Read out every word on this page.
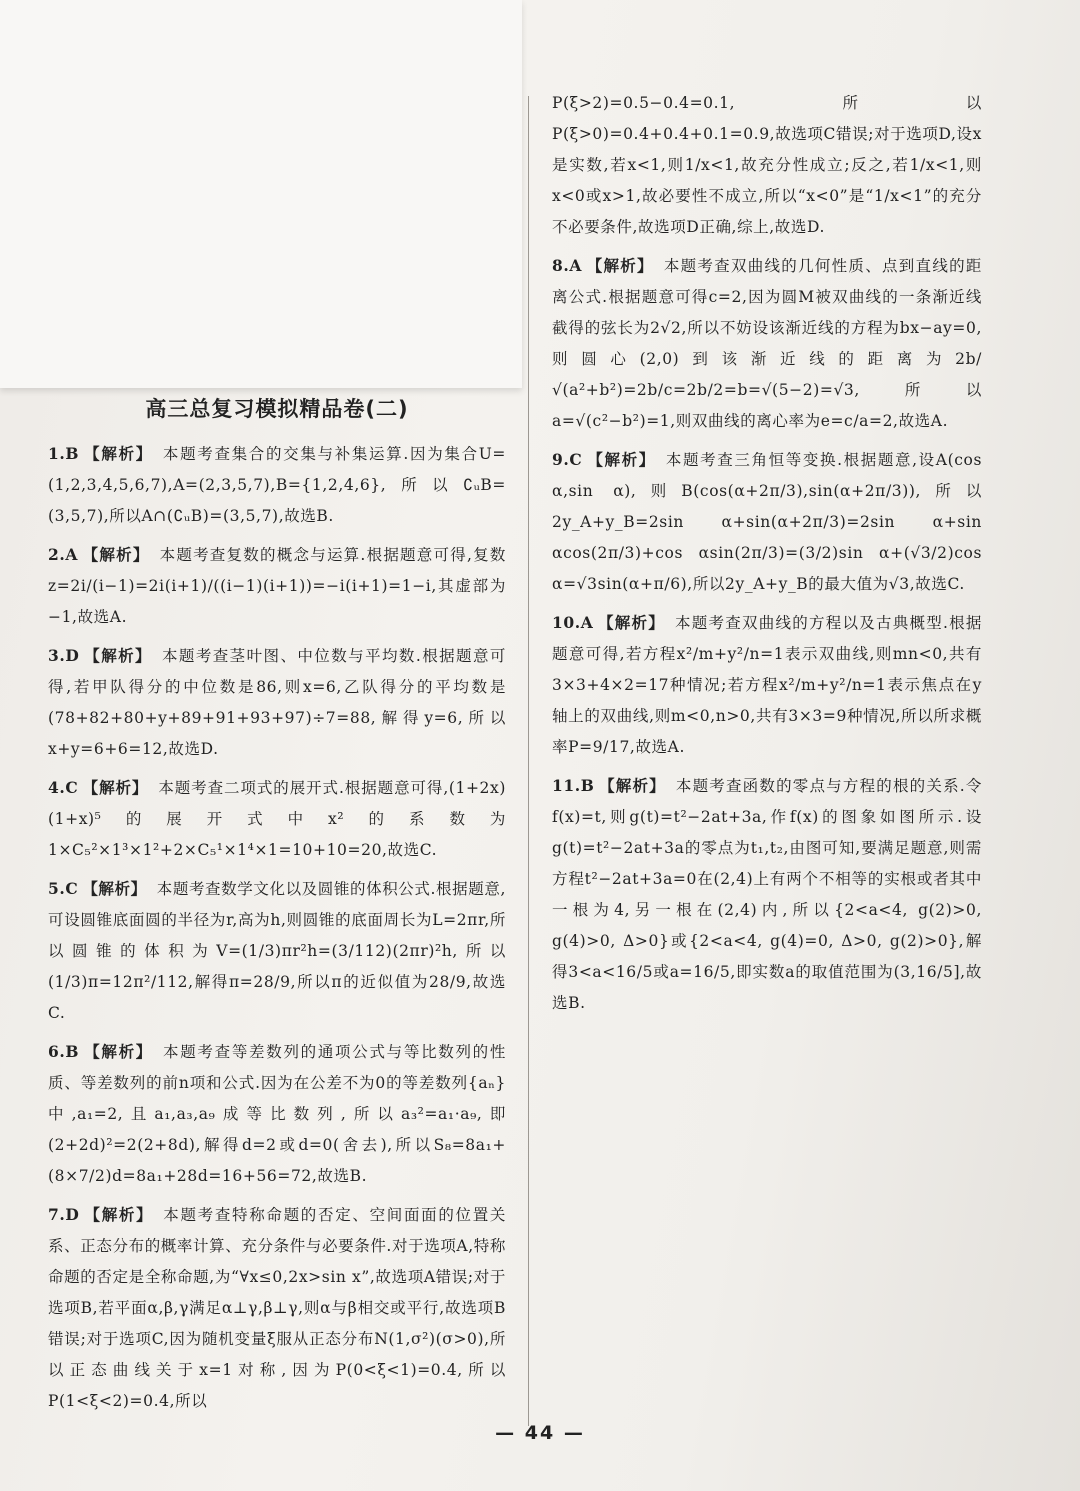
高三总复习模拟精品卷(二)
1.B 【解析】 本题考查集合的交集与补集运算.因为集合U=(1,2,3,4,5,6,7),A=(2,3,5,7),B={1,2,4,6},所以∁ᵤB=(3,5,7),所以A∩(∁ᵤB)=(3,5,7),故选B.
2.A 【解析】 本题考查复数的概念与运算.根据题意可得,复数z=2i/(i−1)=2i(i+1)/((i−1)(i+1))=−i(i+1)=1−i,其虚部为−1,故选A.
3.D 【解析】 本题考查茎叶图、中位数与平均数.根据题意可得,若甲队得分的中位数是86,则x=6,乙队得分的平均数是(78+82+80+y+89+91+93+97)÷7=88,解得y=6,所以x+y=6+6=12,故选D.
4.C 【解析】 本题考查二项式的展开式.根据题意可得,(1+2x)(1+x)⁵的展开式中x²的系数为1×C₅²×1³×1²+2×C₅¹×1⁴×1=10+10=20,故选C.
5.C 【解析】 本题考查数学文化以及圆锥的体积公式.根据题意,可设圆锥底面圆的半径为r,高为h,则圆锥的底面周长为L=2πr,所以圆锥的体积为V=(1/3)πr²h=(3/112)(2πr)²h,所以(1/3)π=12π²/112,解得π=28/9,所以π的近似值为28/9,故选C.
6.B 【解析】 本题考查等差数列的通项公式与等比数列的性质、等差数列的前n项和公式.因为在公差不为0的等差数列{aₙ}中,a₁=2,且a₁,a₃,a₉成等比数列,所以a₃²=a₁·a₉,即(2+2d)²=2(2+8d),解得d=2或d=0(舍去),所以S₈=8a₁+(8×7/2)d=8a₁+28d=16+56=72,故选B.
7.D 【解析】 本题考查特称命题的否定、空间面面的位置关系、正态分布的概率计算、充分条件与必要条件.对于选项A,特称命题的否定是全称命题,为“∀x≤0,2x>sin x”,故选项A错误;对于选项B,若平面α,β,γ满足α⊥γ,β⊥γ,则α与β相交或平行,故选项B错误;对于选项C,因为随机变量ξ服从正态分布N(1,σ²)(σ>0),所以正态曲线关于x=1对称,因为P(0<ξ<1)=0.4,所以P(1<ξ<2)=0.4,所以
P(ξ>2)=0.5−0.4=0.1,所以P(ξ>0)=0.4+0.4+0.1=0.9,故选项C错误;对于选项D,设x是实数,若x<1,则1/x<1,故充分性成立;反之,若1/x<1,则x<0或x>1,故必要性不成立,所以“x<0”是“1/x<1”的充分不必要条件,故选项D正确,综上,故选D.
8.A 【解析】 本题考查双曲线的几何性质、点到直线的距离公式.根据题意可得c=2,因为圆M被双曲线的一条渐近线截得的弦长为2√2,所以不妨设该渐近线的方程为bx−ay=0,则圆心(2,0)到该渐近线的距离为2b/√(a²+b²)=2b/c=2b/2=b=√(5−2)=√3,所以a=√(c²−b²)=1,则双曲线的离心率为e=c/a=2,故选A.
9.C 【解析】 本题考查三角恒等变换.根据题意,设A(cos α,sin α),则B(cos(α+2π/3),sin(α+2π/3)),所以2y_A+y_B=2sin α+sin(α+2π/3)=2sin α+sin αcos(2π/3)+cos αsin(2π/3)=(3/2)sin α+(√3/2)cos α=√3sin(α+π/6),所以2y_A+y_B的最大值为√3,故选C.
10.A 【解析】 本题考查双曲线的方程以及古典概型.根据题意可得,若方程x²/m+y²/n=1表示双曲线,则mn<0,共有3×3+4×2=17种情况;若方程x²/m+y²/n=1表示焦点在y轴上的双曲线,则m<0,n>0,共有3×3=9种情况,所以所求概率P=9/17,故选A.
11.B 【解析】 本题考查函数的零点与方程的根的关系.令f(x)=t,则g(t)=t²−2at+3a,作f(x)的图象如图所示.设g(t)=t²−2at+3a的零点为t₁,t₂,由图可知,要满足题意,则需方程t²−2at+3a=0在(2,4)上有两个不相等的实根或者其中一根为4,另一根在(2,4)内,所以{2<a<4, g(2)>0, g(4)>0, Δ>0}或{2<a<4, g(4)=0, Δ>0, g(2)>0},解得3<a<16/5或a=16/5,即实数a的取值范围为(3,16/5],故选B.
— 44 —
